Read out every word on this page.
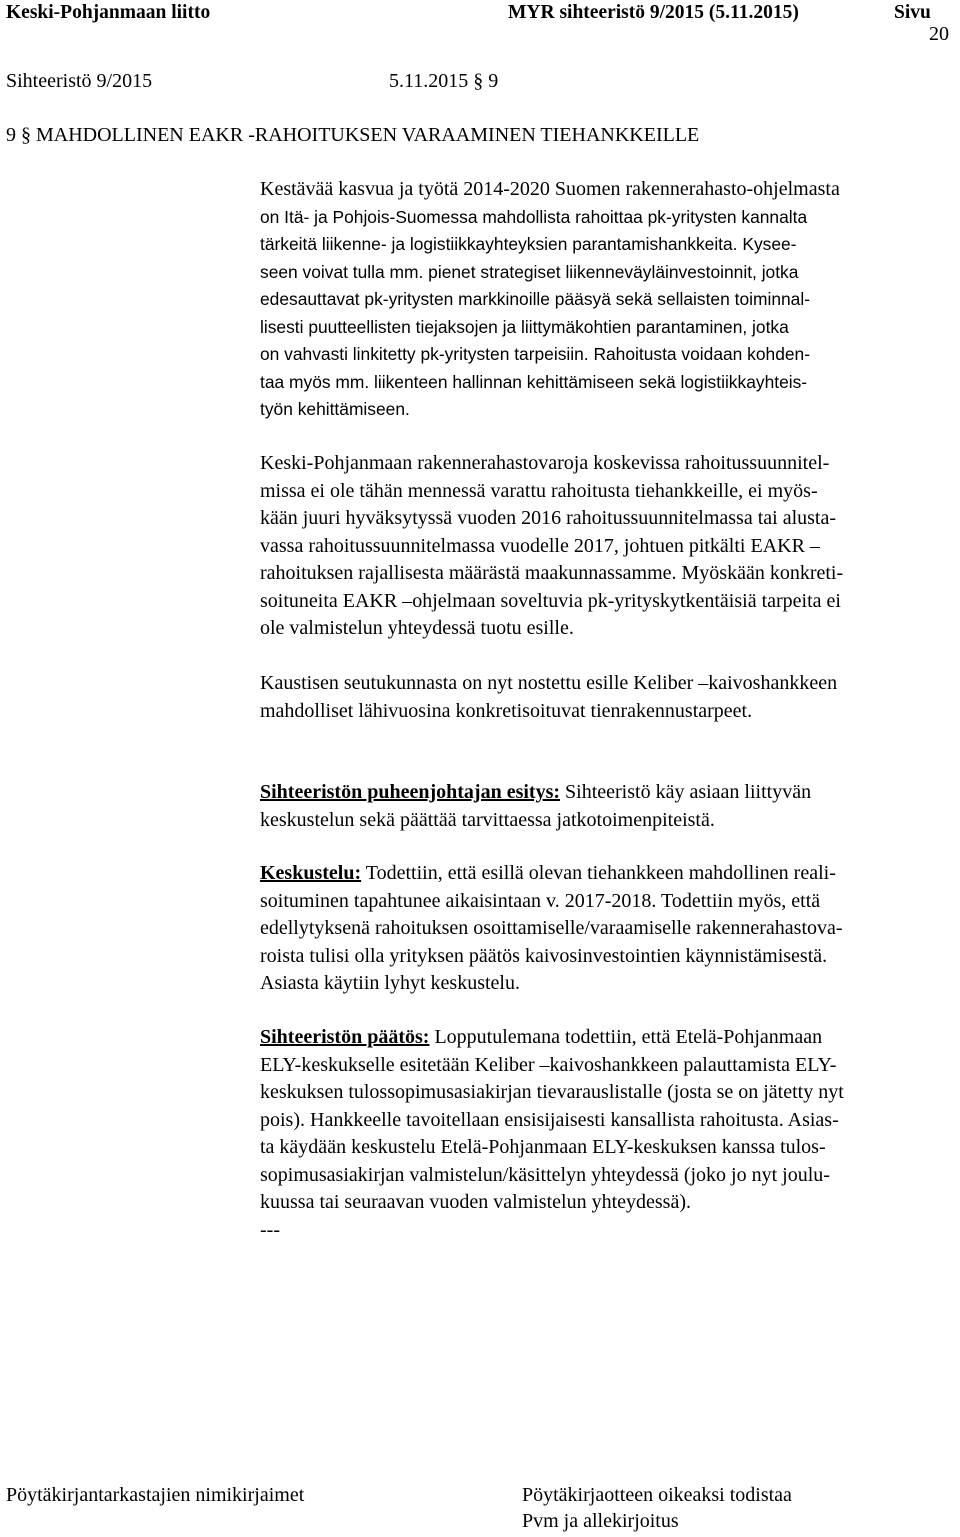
Keski-Pohjanmaan liitto	MYR sihteeristö 9/2015 (5.11.2015)	Sivu
20
Sihteeristö 9/2015	5.11.2015 § 9
9 § MAHDOLLINEN EAKR -RAHOITUKSEN VARAAMINEN TIEHANKKEILLE
Kestävää kasvua ja työtä 2014-2020 Suomen rakennerahasto-ohjelmasta
on Itä- ja Pohjois-Suomessa mahdollista rahoittaa pk-yritysten kannalta
tärkeitä liikenne- ja logistiikkayhteyksien parantamishankkeita. Kysee-
seen voivat tulla mm. pienet strategiset liikenneväyläinvestoinnit, jotka
edesauttavat pk-yritysten markkinoille pääsyä sekä sellaisten toiminnal-
lisesti puutteellisten tiejaksojen ja liittymäkohtien parantaminen, jotka
on vahvasti linkitetty pk-yritysten tarpeisiin. Rahoitusta voidaan kohden-
taa myös mm. liikenteen hallinnan kehittämiseen sekä logistiikkayhteis-
työn kehittämiseen.
Keski-Pohjanmaan rakennerahastovaroja koskevissa rahoitussuunnitel-
missa ei ole tähän mennessä varattu rahoitusta tiehankkeille, ei myös-
kään juuri hyväksytyssä vuoden 2016 rahoitussuunnitelmassa tai alusta-
vassa rahoitussuunnitelmassa vuodelle 2017, johtuen pitkälti EAKR –
rahoituksen rajallisesta määrästä maakunnassamme. Myöskään konkreti-
soituneita EAKR –ohjelmaan soveltuvia pk-yrityskytkentäisiä tarpeita ei
ole valmistelun yhteydessä tuotu esille.
Kaustisen seutukunnasta on nyt nostettu esille Keliber –kaivoshankkeen
mahdolliset lähivuosina konkretisoituvat tienrakennustarpeet.
Sihteeristön puheenjohtajan esitys: Sihteeristö käy asiaan liittyvän
keskustelun sekä päättää tarvittaessa jatkotoimenpiteistä.
Keskustelu: Todettiin, että esillä olevan tiehankkeen mahdollinen reali-
soituminen tapahtunee aikaisintaan v. 2017-2018. Todettiin myös, että
edellytyksenä rahoituksen osoittamiselle/varaamiselle rakennerahastova-
roista tulisi olla yrityksen päätös kaivosinvestointien käynnistämisestä.
Asiasta käytiin lyhyt keskustelu.
Sihteeristön päätös: Lopputulemana todettiin, että Etelä-Pohjanmaan
ELY-keskukselle esitetään Keliber –kaivoshankkeen palauttamista ELY-
keskuksen tulossopimusasiakirjan tievarauslistalle (josta se on jätetty nyt
pois). Hankkeelle tavoitellaan ensisijaisesti kansallista rahoitusta. Asias-
ta käydään keskustelu Etelä-Pohjanmaan ELY-keskuksen kanssa tulos-
sopimusasiakirjan valmistelun/käsittelyn yhteydessä (joko jo nyt joulu-
kuussa tai seuraavan vuoden valmistelun yhteydessä).
---
Pöytäkirjantarkastajien nimikirjaimet	Pöytäkirjaotteen oikeaksi todistaa
Pvm ja allekirjoitus
